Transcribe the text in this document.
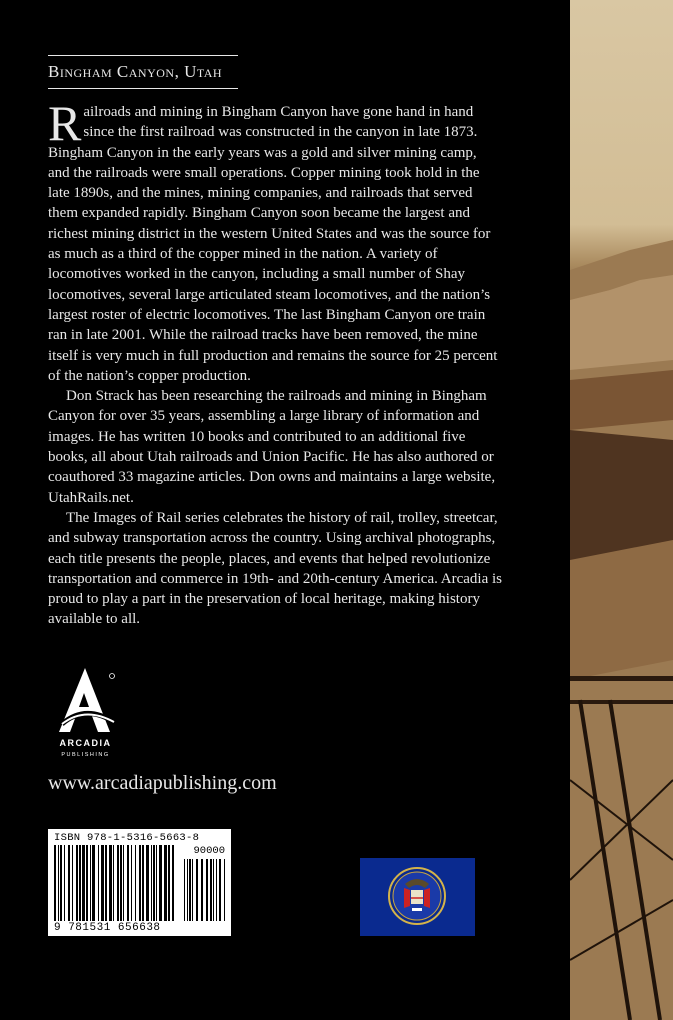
Bingham Canyon, Utah

Railroads and mining in Bingham Canyon have gone hand in hand since the first railroad was constructed in the canyon in late 1873. Bingham Canyon in the early years was a gold and silver mining camp, and the railroads were small operations. Copper mining took hold in the late 1890s, and the mines, mining companies, and railroads that served them expanded rapidly. Bingham Canyon soon became the largest and richest mining district in the western United States and was the source for as much as a third of the copper mined in the nation. A variety of locomotives worked in the canyon, including a small number of Shay locomotives, several large articulated steam locomotives, and the nation’s largest roster of electric locomotives. The last Bingham Canyon ore train ran in late 2001. While the railroad tracks have been removed, the mine itself is very much in full production and remains the source for 25 percent of the nation’s copper production.

Don Strack has been researching the railroads and mining in Bingham Canyon for over 35 years, assembling a large library of information and images. He has written 10 books and contributed to an additional five books, all about Utah railroads and Union Pacific. He has also authored or coauthored 33 magazine articles. Don owns and maintains a large website, UtahRails.net.

The Images of Rail series celebrates the history of rail, trolley, streetcar, and subway transportation across the country. Using archival photographs, each title presents the people, places, and events that helped revolutionize transportation and commerce in 19th- and 20th-century America. Arcadia is proud to play a part in the preservation of local heritage, making history available to all.

ARCADIA
PUBLISHING
www.arcadiapublishing.com
ISBN 978-1-5316-5663-8
90000
9 781531 656638
